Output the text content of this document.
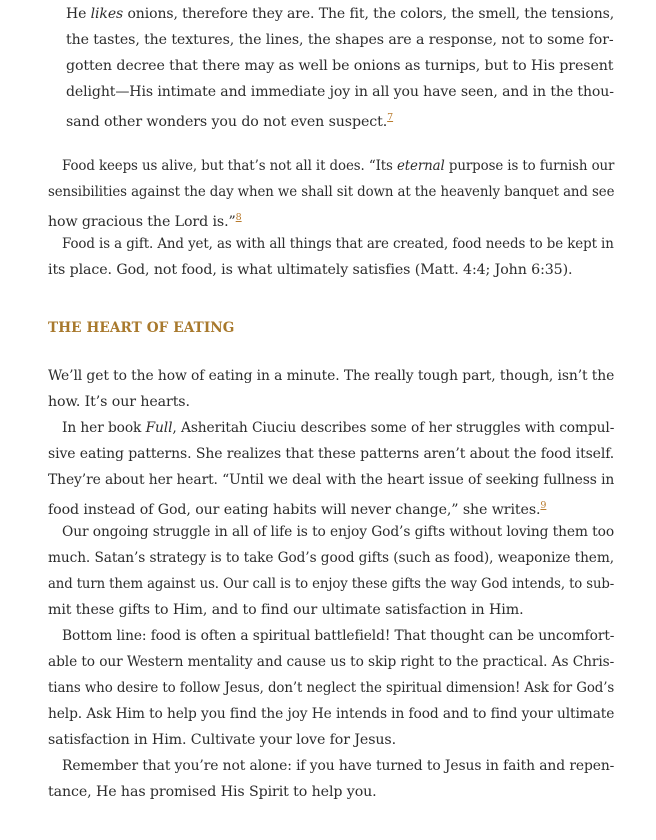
He likes onions, therefore they are. The fit, the colors, the smell, the tensions,
the tastes, the textures, the lines, the shapes are a response, not to some for-
gotten decree that there may as well be onions as turnips, but to His present
delight—His intimate and immediate joy in all you have seen, and in the thou-
sand other wonders you do not even suspect.$^7$
Food keeps us alive, but that’s not all it does. “Its eternal purpose is to furnish our
sensibilities against the day when we shall sit down at the heavenly banquet and see
how gracious the Lord is.”$^8$
Food is a gift. And yet, as with all things that are created, food needs to be kept in
its place. God, not food, is what ultimately satisfies (Matt. 4:4; John 6:35).
THE HEART OF EATING
We’ll get to the how of eating in a minute. The really tough part, though, isn’t the
how. It’s our hearts.
In her book Full, Asheritah Ciuciu describes some of her struggles with compul-
sive eating patterns. She realizes that these patterns aren’t about the food itself.
They’re about her heart. “Until we deal with the heart issue of seeking fullness in
food instead of God, our eating habits will never change,” she writes.$^9$
Our ongoing struggle in all of life is to enjoy God’s gifts without loving them too
much. Satan’s strategy is to take God’s good gifts (such as food), weaponize them,
and turn them against us. Our call is to enjoy these gifts the way God intends, to sub-
mit these gifts to Him, and to find our ultimate satisfaction in Him.
Bottom line: food is often a spiritual battlefield! That thought can be uncomfort-
able to our Western mentality and cause us to skip right to the practical. As Chris-
tians who desire to follow Jesus, don’t neglect the spiritual dimension! Ask for God’s
help. Ask Him to help you find the joy He intends in food and to find your ultimate
satisfaction in Him. Cultivate your love for Jesus.
Remember that you’re not alone: if you have turned to Jesus in faith and repen-
tance, He has promised His Spirit to help you.
